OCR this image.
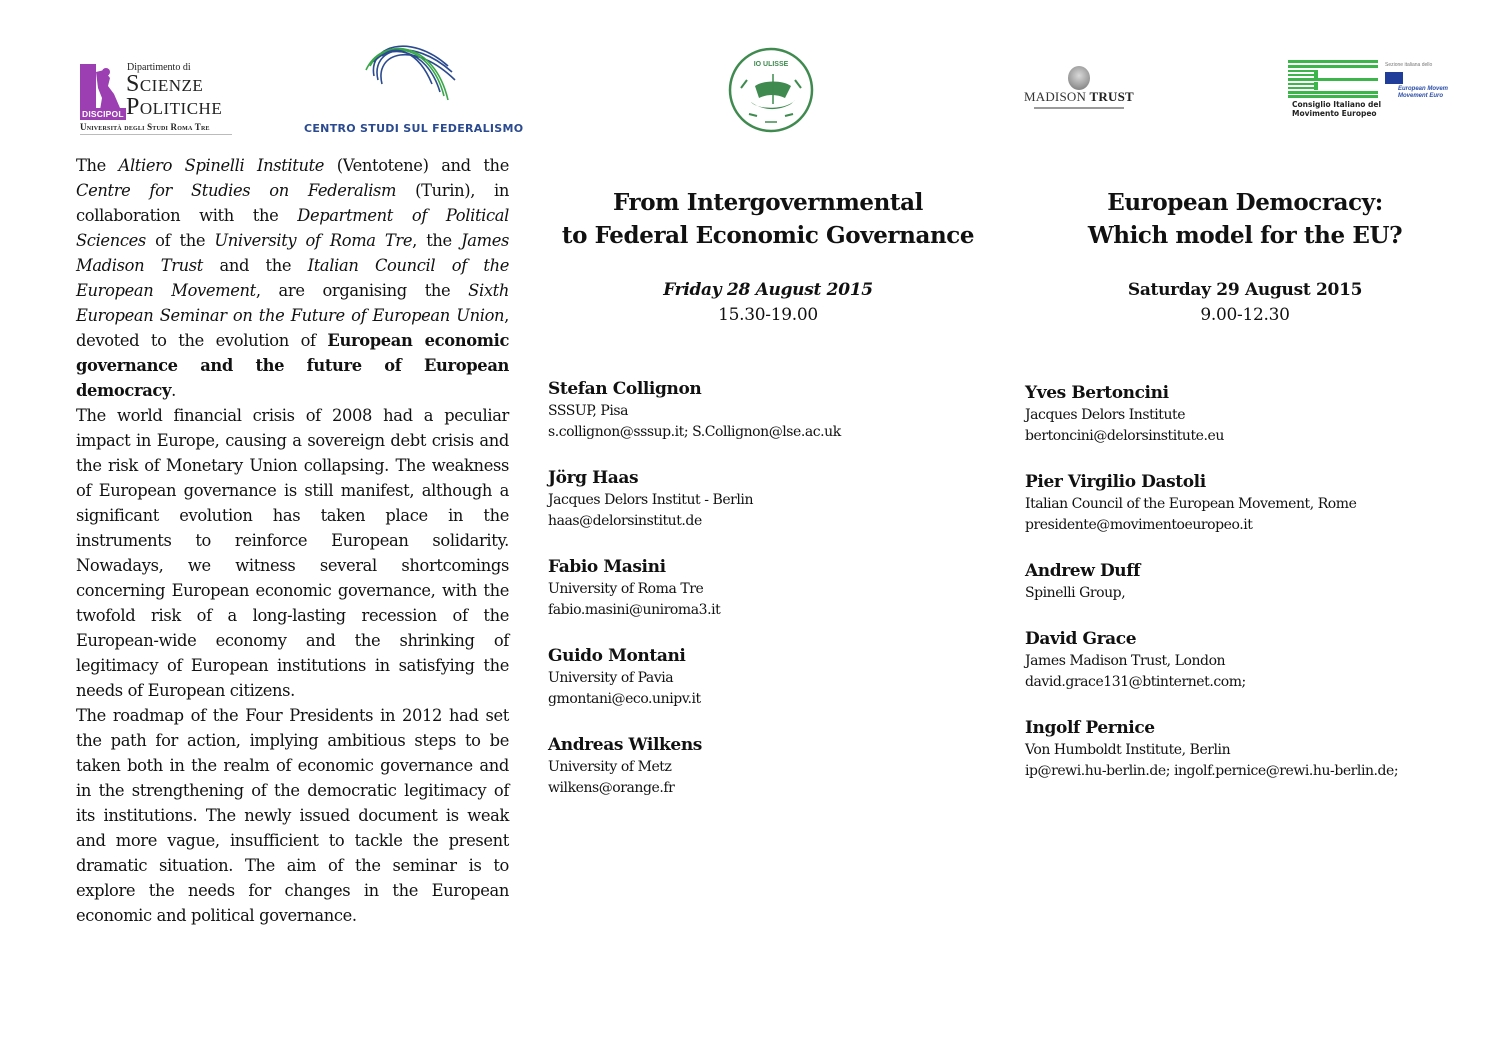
DISCIPOL
Dipartimento di
Scienze
Politiche
Università degli Studi Roma Tre	CENTRO STUDI SUL FEDERALISMO
IO ULISSE
MADISON TRUST
Sezione italiana dello
European Movem
Movement Euro
Consiglio Italiano del
Movimento Europeo

The Altiero Spinelli Institute (Ventotene) and the Centre for Studies on Federalism (Turin), in collaboration with the Department of Political Sciences of the University of Roma Tre, the James Madison Trust and the Italian Council of the European Movement, are organising the Sixth European Seminar on the Future of European Union, devoted to the evolution of European economic governance and the future of European democracy.

The world financial crisis of 2008 had a peculiar impact in Europe, causing a sovereign debt crisis and the risk of Monetary Union collapsing. The weakness of European governance is still manifest, although a significant evolution has taken place in the instruments to reinforce European solidarity. Nowadays, we witness several shortcomings concerning European economic governance, with the twofold risk of a long-lasting recession of the European-wide economy and the shrinking of legitimacy of European institutions in satisfying the needs of European citizens.

The roadmap of the Four Presidents in 2012 had set the path for action, implying ambitious steps to be taken both in the realm of economic governance and in the strengthening of the democratic legitimacy of its institutions. The newly issued document is weak and more vague, insufficient to tackle the present dramatic situation. The aim of the seminar is to explore the needs for changes in the European economic and political governance.

From Intergovernmental
to Federal Economic Governance
Friday 28 August 2015
15.30-19.00
Stefan Collignon
SSSUP, Pisa
s.collignon@sssup.it; S.Collignon@lse.ac.uk
Jörg Haas
Jacques Delors Institut - Berlin
haas@delorsinstitut.de
Fabio Masini
University of Roma Tre
fabio.masini@uniroma3.it
Guido Montani
University of Pavia
gmontani@eco.unipv.it
Andreas Wilkens
University of Metz
wilkens@orange.fr
European Democracy:
Which model for the EU?
Saturday 29 August 2015
9.00-12.30
Yves Bertoncini
Jacques Delors Institute
bertoncini@delorsinstitute.eu
Pier Virgilio Dastoli
Italian Council of the European Movement, Rome
presidente@movimentoeuropeo.it
Andrew Duff
Spinelli Group,
David Grace
James Madison Trust, London
david.grace131@btinternet.com;
Ingolf Pernice
Von Humboldt Institute, Berlin
ip@rewi.hu-berlin.de; ingolf.pernice@rewi.hu-berlin.de;
